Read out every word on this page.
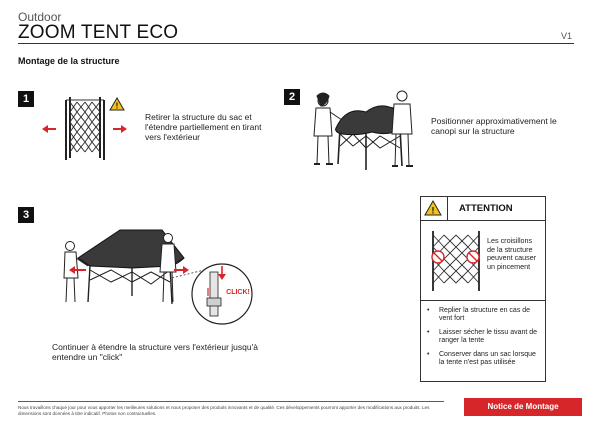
Outdoor
ZOOM TENT ECO	V1
Montage de la structure
1
!
Retirer la structure du sac et l'étendre partiellement en tirant vers l'extérieur
2
Positionner approximativement le canopi sur la structure
3
CLICK!
Continuer à étendre la structure vers l'extérieur jusqu'à entendre un "click"
!	ATTENTION
Les croisillons de la structure peuvent causer un pincement
• Replier la structure en cas de vent fort
• Laisser sécher le tissu avant de ranger la tente
• Conserver dans un sac lorsque la tente n'est pas utilisée
Nous travaillons chaque jour pour vous apporter les meilleures solutions et nous proposer des produits innovants et de qualité. Ces développements pourront apporter des modifications aux produits. Les dimensions sont données à titre indicatif. Photos non contractuelles.
Notice de Montage
